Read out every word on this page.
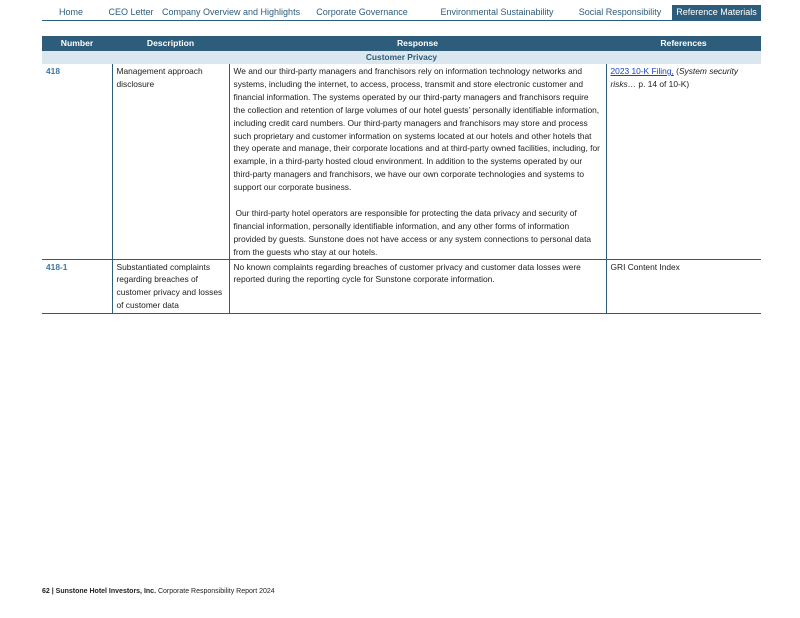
Home	CEO Letter Company Overview and Highlights	Corporate Governance	Environmental Sustainability	Social Responsibility	Reference Materials
Number	Description	Response	References
Customer Privacy			
418	Management approach disclosure	We and our third-party managers and franchisors rely on information technology networks and systems, including the internet, to access, process, transmit and store electronic customer and financial information. The systems operated by our third-party managers and franchisors require the collection and retention of large volumes of our hotel guests’ personally identifiable information, including credit card numbers. Our third-party managers and franchisors may store and process such proprietary and customer information on systems located at our hotels and other hotels that they operate and manage, their corporate locations and at third-party owned facilities, including, for example, in a third-party hosted cloud environment. In addition to the systems operated by our third-party managers and franchisors, we have our own corporate technologies and systems to support our corporate business.
Our third-party hotel operators are responsible for protecting the data privacy and security of financial information, personally identifiable information, and any other forms of information provided by guests. Sunstone does not have access or any system connections to personal data from the guests who stay at our hotels.	2023 10-K Filing, (System security risks… p. 14 of 10-K)
418-1	Substantiated complaints regarding breaches of customer privacy and losses of customer data	No known complaints regarding breaches of customer privacy and customer data losses were reported during the reporting cycle for Sunstone corporate information.	GRI Content Index
62 | Sunstone Hotel Investors, Inc. Corporate Responsibility Report 2024
